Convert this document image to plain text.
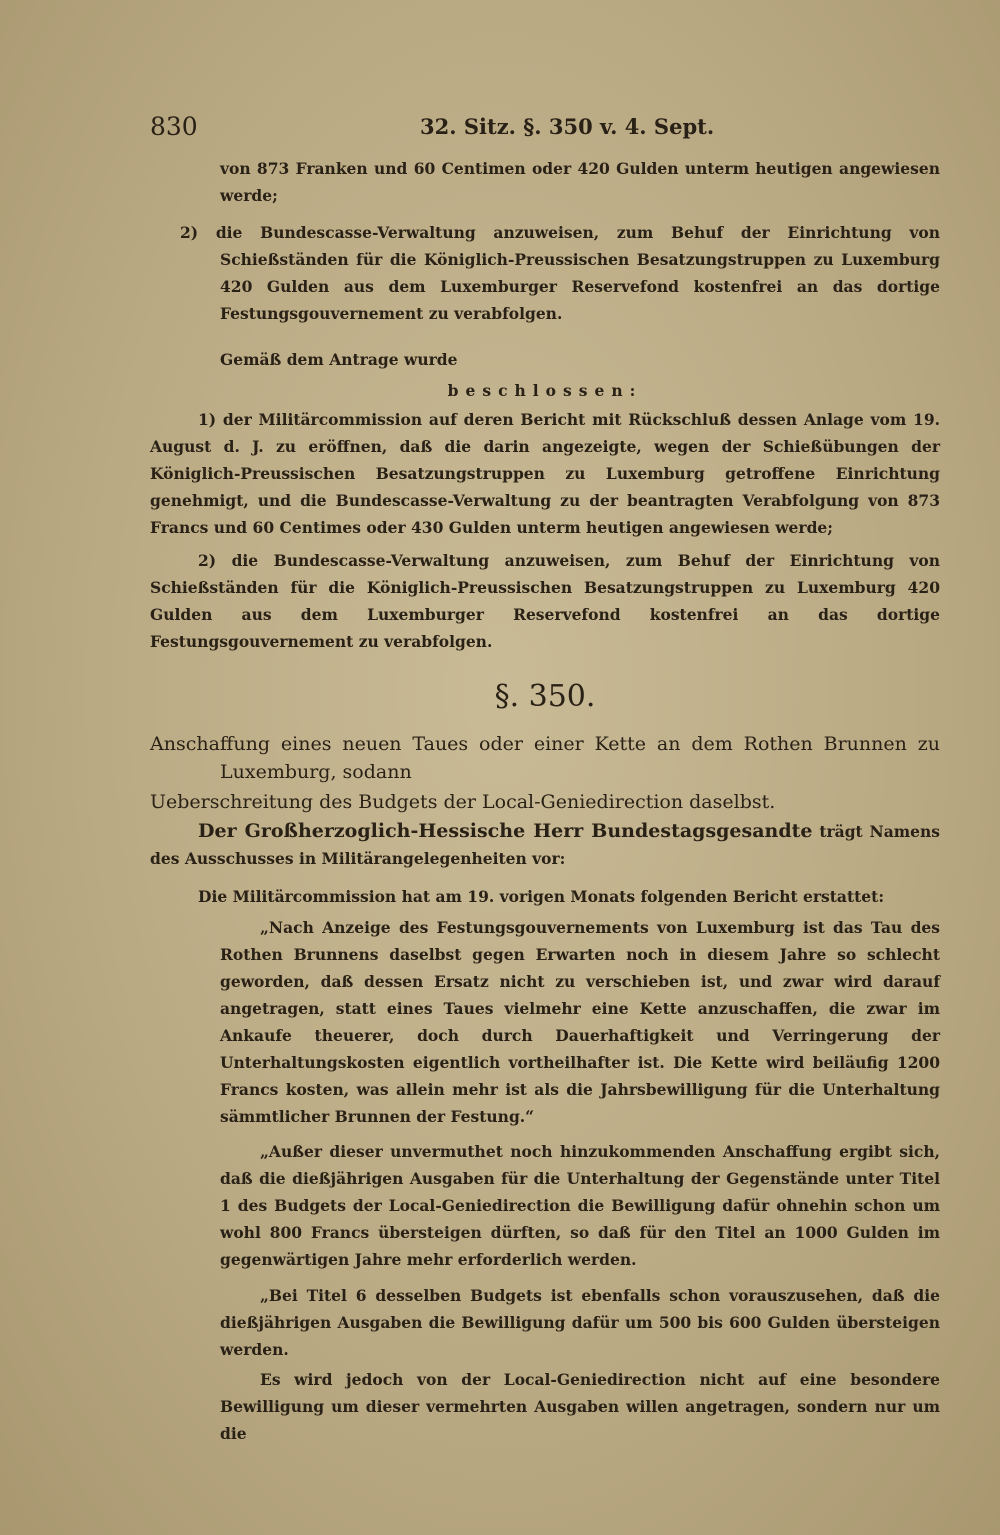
830	32. Sitz. §. 350 v. 4. Sept.

von 873 Franken und 60 Centimen oder 420 Gulden unterm heutigen angewiesen werde;

2) die Bundescasse-Verwaltung anzuweisen, zum Behuf der Einrichtung von Schießständen für die Königlich-Preussischen Besatzungstruppen zu Luxemburg 420 Gulden aus dem Luxemburger Reservefond kostenfrei an das dortige Festungsgouvernement zu verabfolgen.

Gemäß dem Antrage wurde

beschlossen:

1) der Militärcommission auf deren Bericht mit Rückschluß dessen Anlage vom 19. August d. J. zu eröffnen, daß die darin angezeigte, wegen der Schießübungen der Königlich-Preussischen Besatzungstruppen zu Luxemburg getroffene Einrichtung genehmigt, und die Bundescasse-Verwaltung zu der beantragten Verabfolgung von 873 Francs und 60 Centimes oder 430 Gulden unterm heutigen angewiesen werde;

2) die Bundescasse-Verwaltung anzuweisen, zum Behuf der Einrichtung von Schießständen für die Königlich-Preussischen Besatzungstruppen zu Luxemburg 420 Gulden aus dem Luxemburger Reservefond kostenfrei an das dortige Festungsgouvernement zu verabfolgen.

§. 350.

Anschaffung eines neuen Taues oder einer Kette an dem Rothen Brunnen zu Luxemburg, sodann

Ueberschreitung des Budgets der Local-Geniedirection daselbst.

Der Großherzoglich-Hessische Herr Bundestagsgesandte trägt Namens des Ausschusses in Militärangelegenheiten vor:

Die Militärcommission hat am 19. vorigen Monats folgenden Bericht erstattet:

„Nach Anzeige des Festungsgouvernements von Luxemburg ist das Tau des Rothen Brunnens daselbst gegen Erwarten noch in diesem Jahre so schlecht geworden, daß dessen Ersatz nicht zu verschieben ist, und zwar wird darauf angetragen, statt eines Taues vielmehr eine Kette anzuschaffen, die zwar im Ankaufe theuerer, doch durch Dauerhaftigkeit und Verringerung der Unterhaltungskosten eigentlich vortheilhafter ist. Die Kette wird beiläufig 1200 Francs kosten, was allein mehr ist als die Jahrsbewilligung für die Unterhaltung sämmtlicher Brunnen der Festung.“

„Außer dieser unvermuthet noch hinzukommenden Anschaffung ergibt sich, daß die dießjährigen Ausgaben für die Unterhaltung der Gegenstände unter Titel 1 des Budgets der Local-Geniedirection die Bewilligung dafür ohnehin schon um wohl 800 Francs übersteigen dürften, so daß für den Titel an 1000 Gulden im gegenwärtigen Jahre mehr erforderlich werden.

„Bei Titel 6 desselben Budgets ist ebenfalls schon vorauszusehen, daß die dießjährigen Ausgaben die Bewilligung dafür um 500 bis 600 Gulden übersteigen werden.

Es wird jedoch von der Local-Geniedirection nicht auf eine besondere Bewilligung um dieser vermehrten Ausgaben willen angetragen, sondern nur um die
